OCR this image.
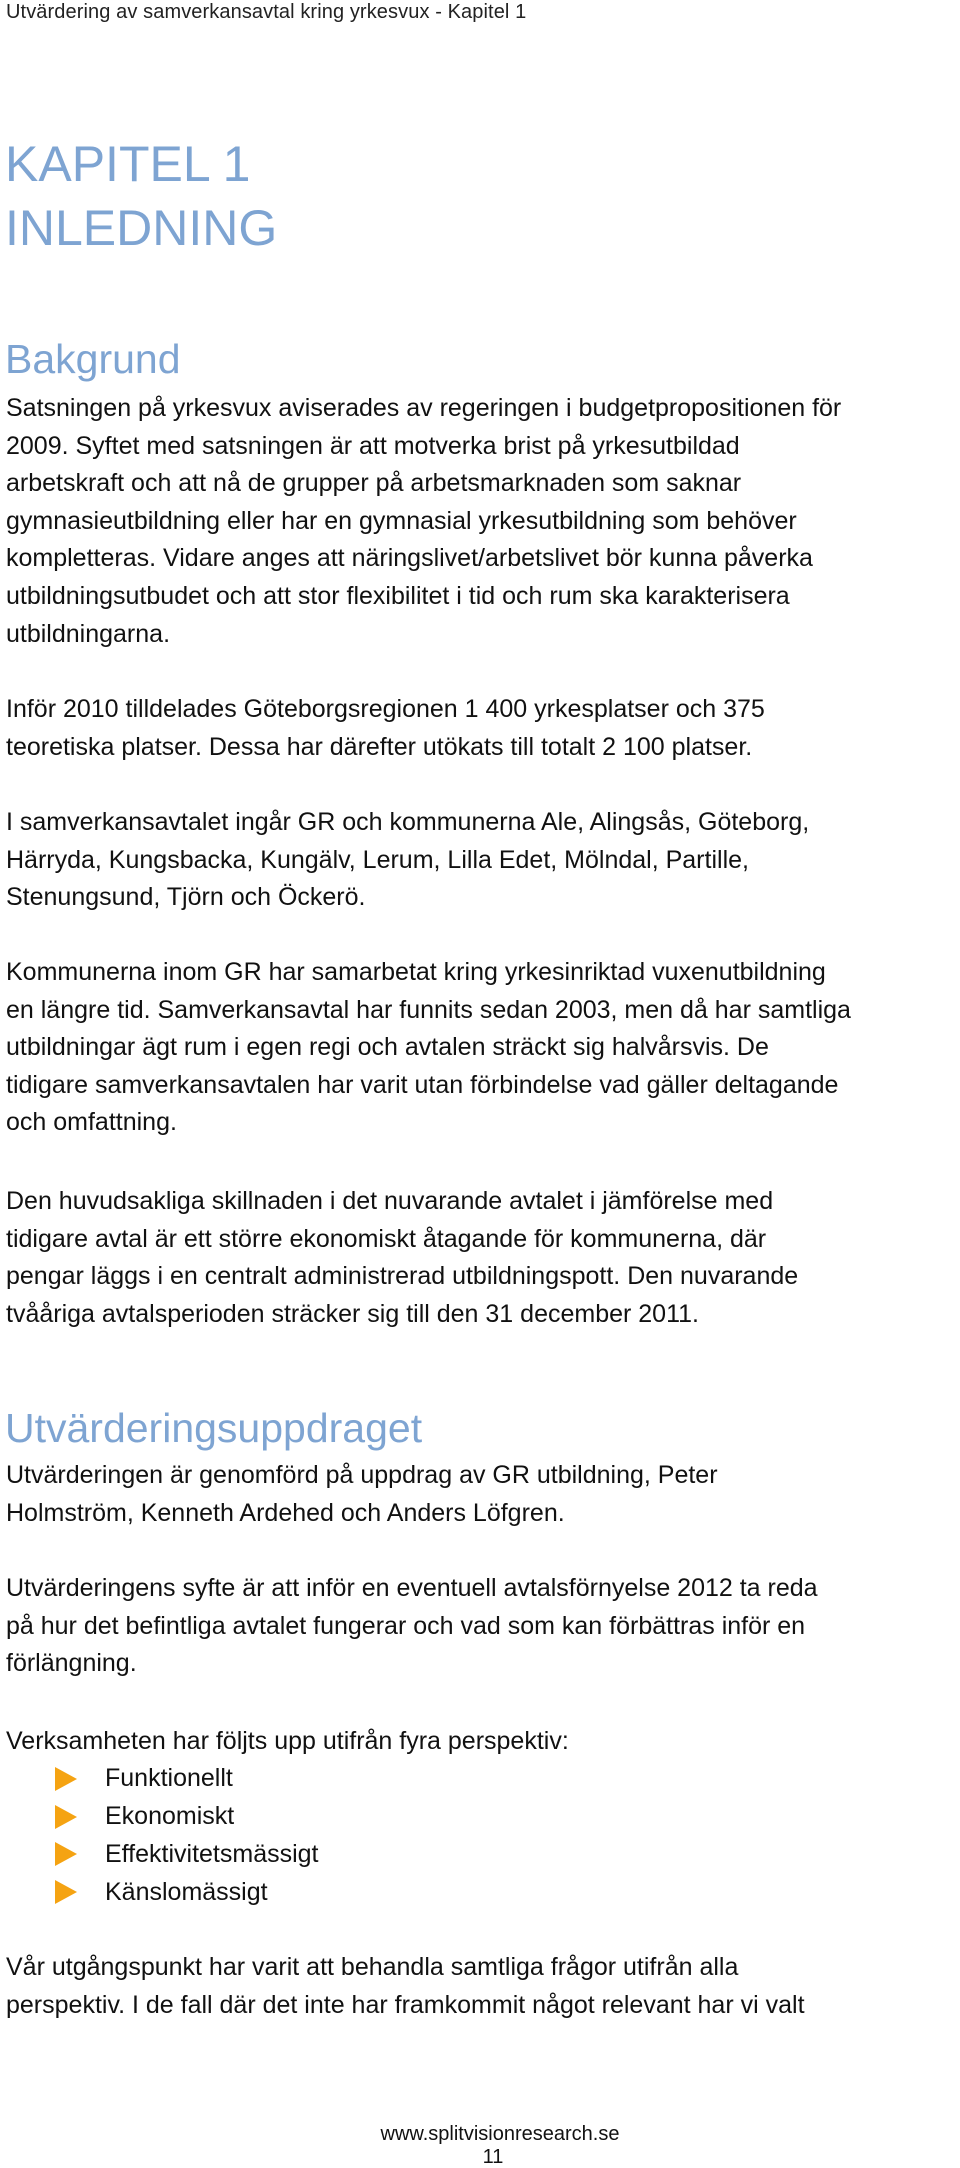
Utvärdering av samverkansavtal kring yrkesvux - Kapitel 1
KAPITEL 1
INLEDNING
Bakgrund

Satsningen på yrkesvux aviserades av regeringen i budgetpropositionen för
2009. Syftet med satsningen är att motverka brist på yrkesutbildad
arbetskraft och att nå de grupper på arbetsmarknaden som saknar
gymnasieutbildning eller har en gymnasial yrkesutbildning som behöver
kompletteras. Vidare anges att näringslivet/arbetslivet bör kunna påverka
utbildningsutbudet och att stor flexibilitet i tid och rum ska karakterisera
utbildningarna.

Inför 2010 tilldelades Göteborgsregionen 1 400 yrkesplatser och 375
teoretiska platser. Dessa har därefter utökats till totalt 2 100 platser.

I samverkansavtalet ingår GR och kommunerna Ale, Alingsås, Göteborg,
Härryda, Kungsbacka, Kungälv, Lerum, Lilla Edet, Mölndal, Partille,
Stenungsund, Tjörn och Öckerö.

Kommunerna inom GR har samarbetat kring yrkesinriktad vuxenutbildning
en längre tid. Samverkansavtal har funnits sedan 2003, men då har samtliga
utbildningar ägt rum i egen regi och avtalen sträckt sig halvårsvis. De
tidigare samverkansavtalen har varit utan förbindelse vad gäller deltagande
och omfattning.

Den huvudsakliga skillnaden i det nuvarande avtalet i jämförelse med
tidigare avtal är ett större ekonomiskt åtagande för kommunerna, där
pengar läggs i en centralt administrerad utbildningspott. Den nuvarande
tvååriga avtalsperioden sträcker sig till den 31 december 2011.

Utvärderingsuppdraget

Utvärderingen är genomförd på uppdrag av GR utbildning, Peter
Holmström, Kenneth Ardehed och Anders Löfgren.

Utvärderingens syfte är att inför en eventuell avtalsförnyelse 2012 ta reda
på hur det befintliga avtalet fungerar och vad som kan förbättras inför en
förlängning.

Verksamheten har följts upp utifrån fyra perspektiv:

Funktionellt
Ekonomiskt
Effektivitetsmässigt
Känslomässigt

Vår utgångspunkt har varit att behandla samtliga frågor utifrån alla
perspektiv. I de fall där det inte har framkommit något relevant har vi valt

www.splitvisionresearch.se
11
